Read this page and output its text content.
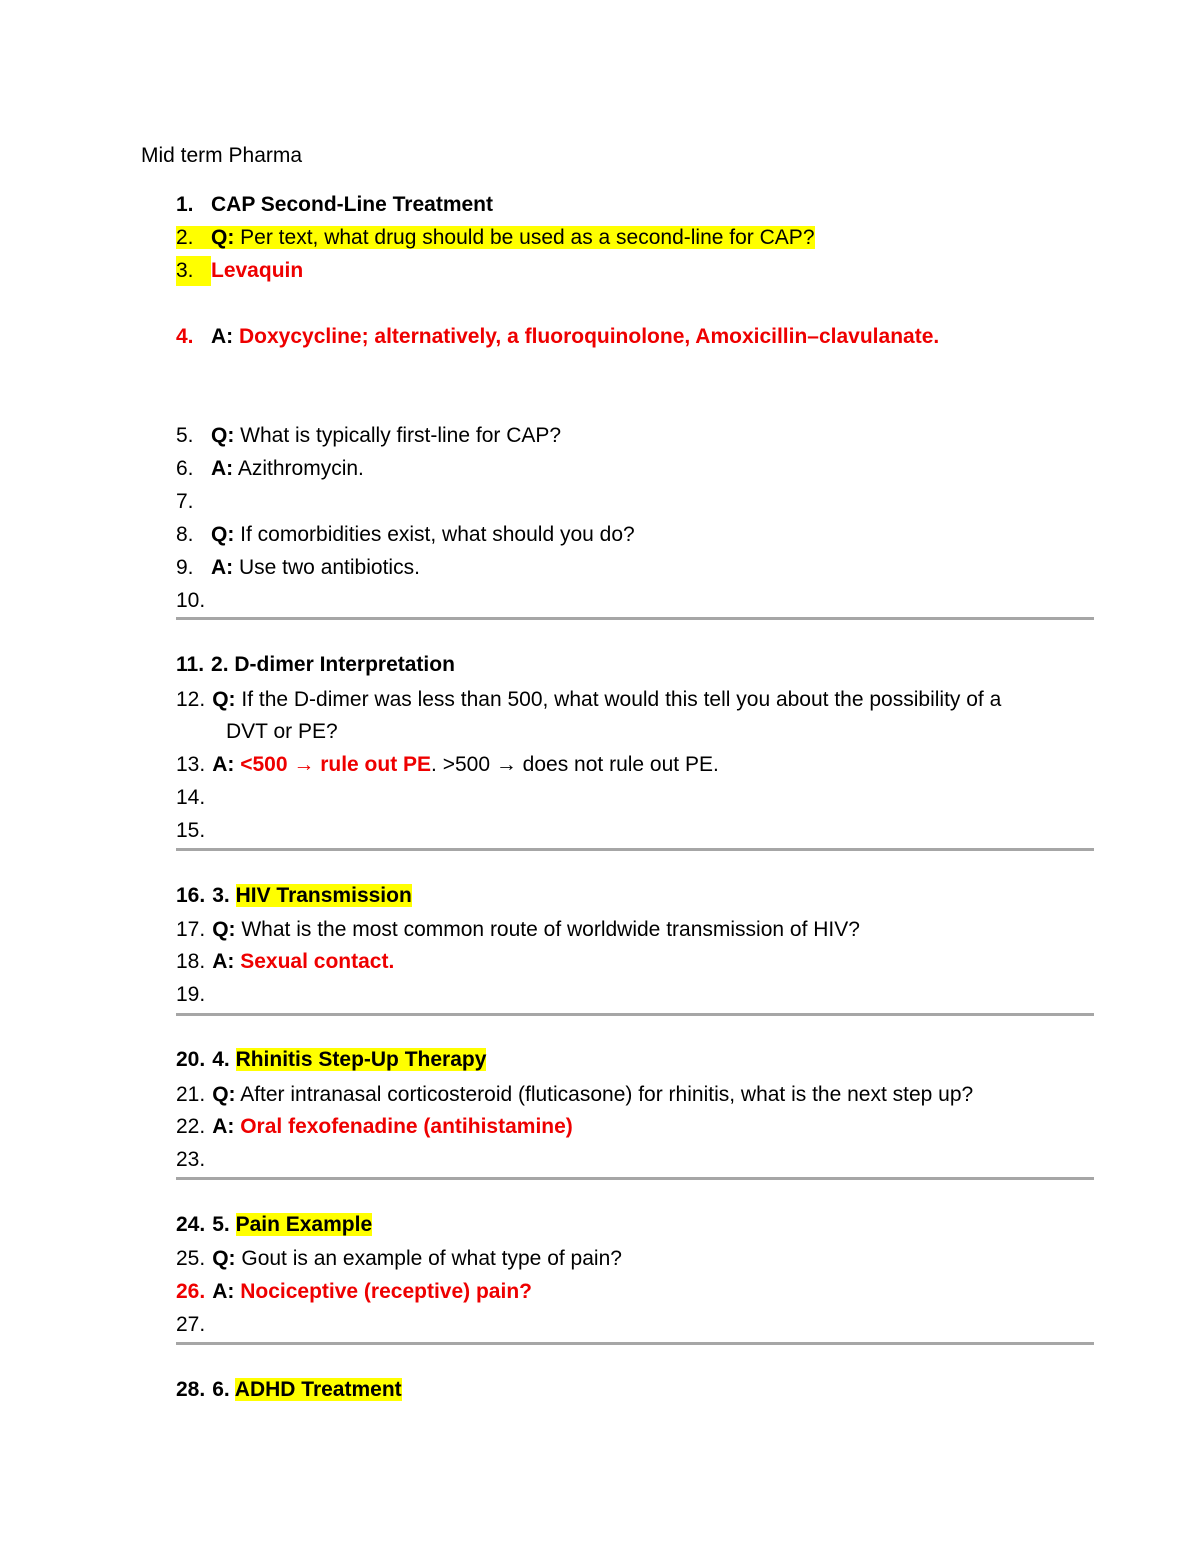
Mid term Pharma
1. CAP Second-Line Treatment
2. Q: Per text, what drug should be used as a second-line for CAP?
3. Levaquin
4. A: Doxycycline; alternatively, a fluoroquinolone, Amoxicillin–clavulanate.
5. Q: What is typically first-line for CAP?
6. A: Azithromycin.
7.
8. Q: If comorbidities exist, what should you do?
9. A: Use two antibiotics.
10.
11. 2. D-dimer Interpretation
12. Q: If the D-dimer was less than 500, what would this tell you about the possibility of a
DVT or PE?
13. A: <500 → rule out PE. >500 → does not rule out PE.
14.
15.
16. 3. HIV Transmission
17. Q: What is the most common route of worldwide transmission of HIV?
18. A: Sexual contact.
19.
20. 4. Rhinitis Step-Up Therapy
21. Q: After intranasal corticosteroid (fluticasone) for rhinitis, what is the next step up?
22. A: Oral fexofenadine (antihistamine)
23.
24. 5. Pain Example
25. Q: Gout is an example of what type of pain?
26. A: Nociceptive (receptive) pain?
27.
28. 6. ADHD Treatment
